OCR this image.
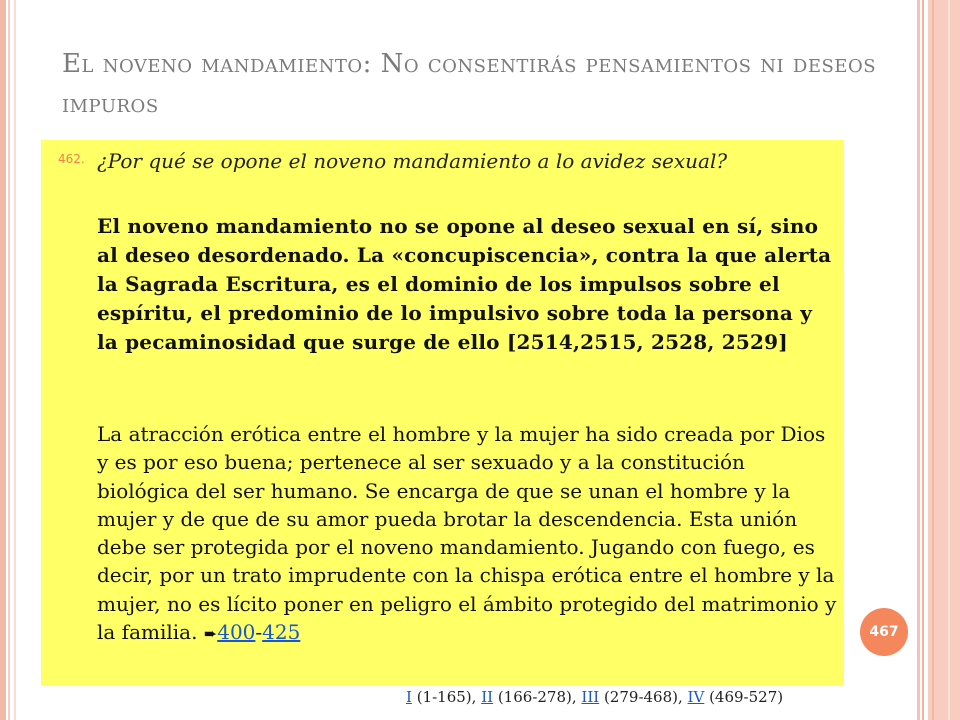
El noveno mandamiento: No consentirás pensamientos ni deseos impuros
462. ¿Por qué se opone el noveno mandamiento a lo avidez sexual?
El noveno mandamiento no se opone al deseo sexual en sí, sino al deseo desordenado. La «concupiscencia», contra la que alerta la Sagrada Escritura, es el dominio de los impulsos sobre el espíritu, el predominio de lo impulsivo sobre toda la persona y la pecaminosidad que surge de ello [2514,2515, 2528, 2529]
La atracción erótica entre el hombre y la mujer ha sido creada por Dios y es por eso buena; pertenece al ser sexuado y a la constitución biológica del ser humano. Se encarga de que se unan el hombre y la mujer y de que de su amor pueda brotar la descendencia. Esta unión debe ser protegida por el noveno mandamiento. Jugando con fuego, es decir, por un trato imprudente con la chispa erótica entre el hombre y la mujer, no es lícito poner en peligro el ámbito protegido del matrimonio y la familia. ➨400-425	467
I (1-165), II (166-278), III (279-468), IV (469-527)
